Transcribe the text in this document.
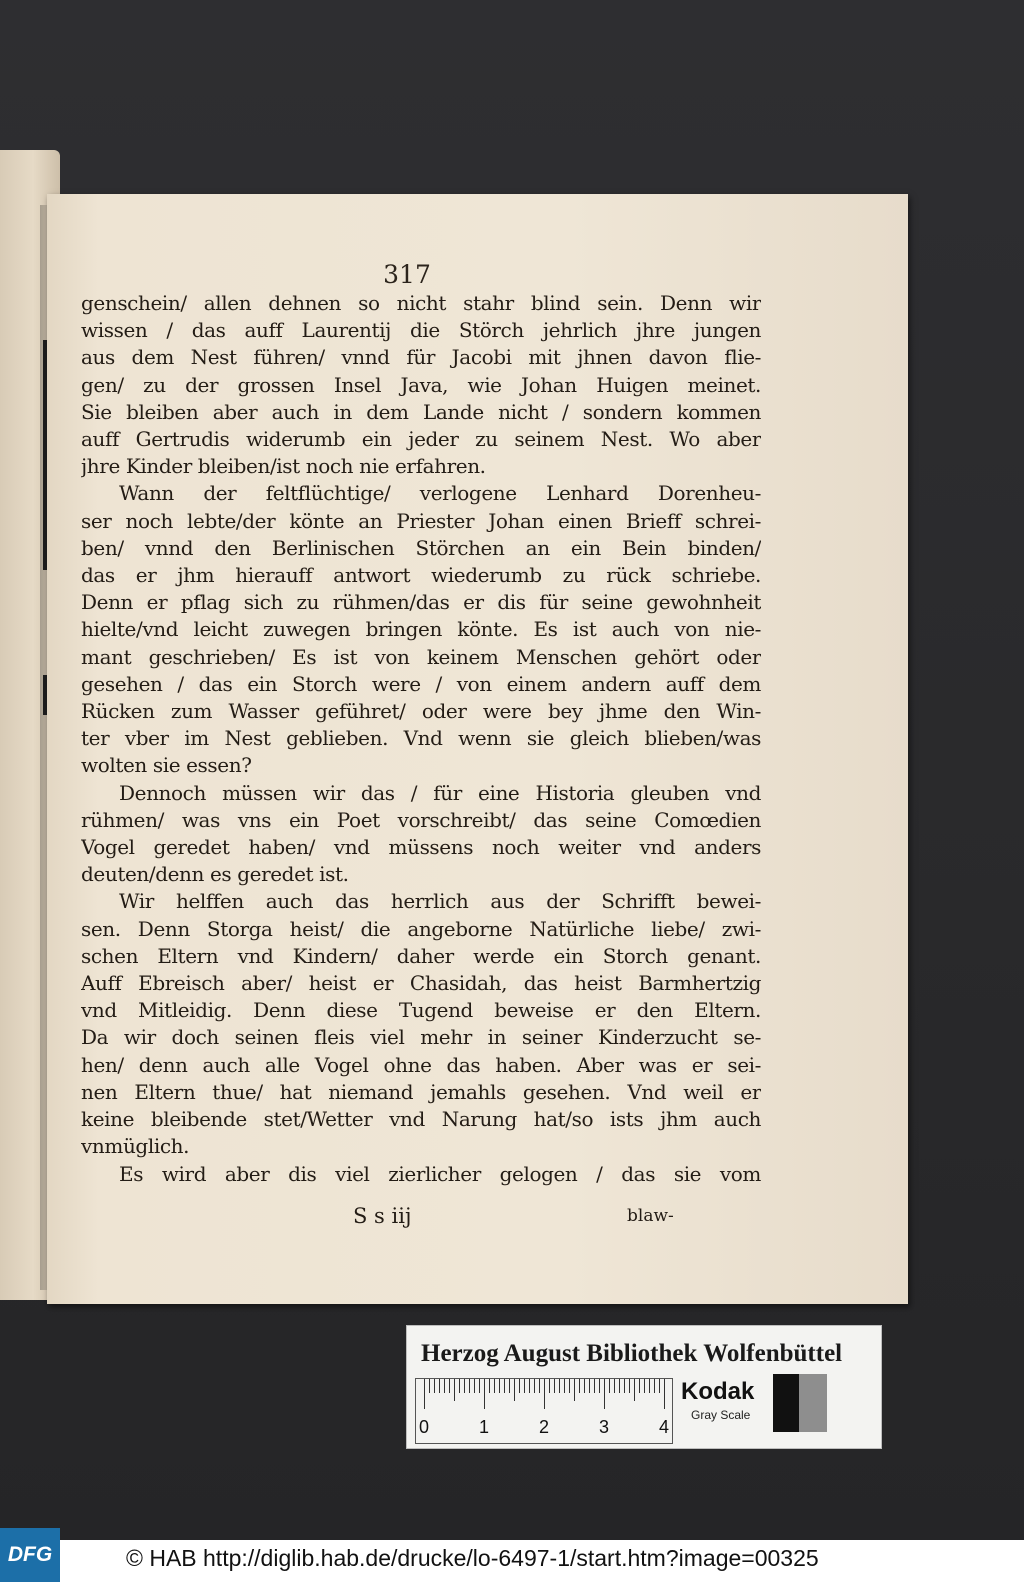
317
genschein/ allen dehnen so nicht stahr blind sein. Denn wir
wissen / das auff Laurentij die Störch jehrlich jhre jungen
aus dem Nest führen/ vnnd für Jacobi mit jhnen davon flie-
gen/ zu der grossen Insel Java, wie Johan Huigen meinet.
Sie bleiben aber auch in dem Lande nicht / sondern kommen
auff Gertrudis widerumb ein jeder zu seinem Nest. Wo aber
jhre Kinder bleiben/ist noch nie erfahren.
Wann der feltflüchtige/ verlogene Lenhard Dorenheu-
ser noch lebte/der könte an Priester Johan einen Brieff schrei-
ben/ vnnd den Berlinischen Störchen an ein Bein binden/
das er jhm hierauff antwort wiederumb zu rück schriebe.
Denn er pflag sich zu rühmen/das er dis für seine gewohnheit
hielte/vnd leicht zuwegen bringen könte. Es ist auch von nie-
mant geschrieben/ Es ist von keinem Menschen gehört oder
gesehen / das ein Storch were / von einem andern auff dem
Rücken zum Wasser geführet/ oder were bey jhme den Win-
ter vber im Nest geblieben. Vnd wenn sie gleich blieben/was
wolten sie essen?
Dennoch müssen wir das / für eine Historia gleuben vnd
rühmen/ was vns ein Poet vorschreibt/ das seine Comœdien
Vogel geredet haben/ vnd müssens noch weiter vnd anders
deuten/denn es geredet ist.
Wir helffen auch das herrlich aus der Schrifft bewei-
sen. Denn Storga heist/ die angeborne Natürliche liebe/ zwi-
schen Eltern vnd Kindern/ daher werde ein Storch genant.
Auff Ebreisch aber/ heist er Chasidah, das heist Barmhertzig
vnd Mitleidig. Denn diese Tugend beweise er den Eltern.
Da wir doch seinen fleis viel mehr in seiner Kinderzucht se-
hen/ denn auch alle Vogel ohne das haben. Aber was er sei-
nen Eltern thue/ hat niemand jemahls gesehen. Vnd weil er
keine bleibende stet/Wetter vnd Narung hat/so ists jhm auch
vnmüglich.
Es wird aber dis viel zierlicher gelogen / das sie vom
S s iij	blaw-
Herzog August Bibliothek Wolfenbüttel
0	1	2	3	4
Kodak
Gray Scale
DFG	© HAB http://diglib.hab.de/drucke/lo-6497-1/start.htm?image=00325
